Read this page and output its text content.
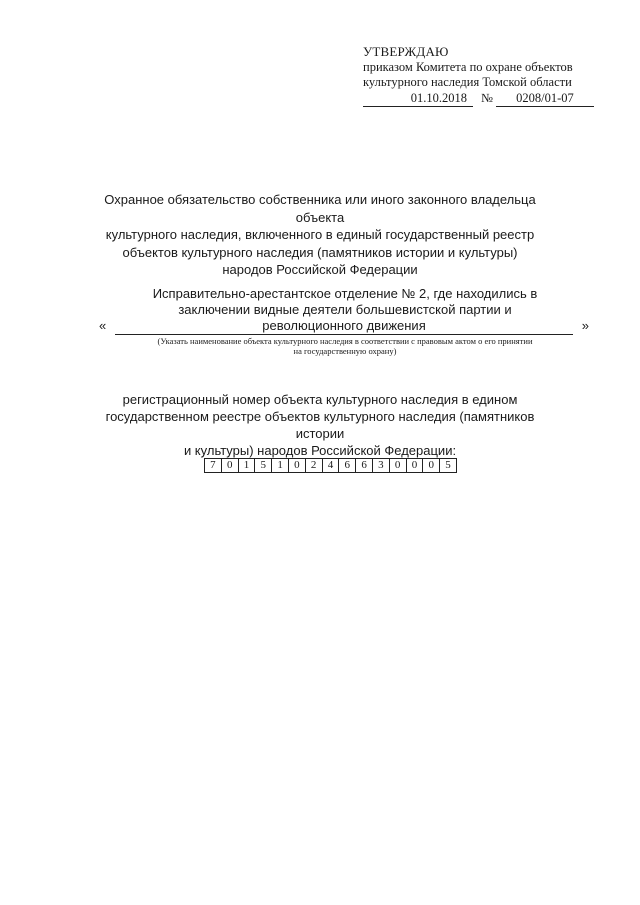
УТВЕРЖДАЮ
приказом Комитета по охране объектов
культурного наследия Томской области
01.10.2018	№	0208/01-07
Охранное обязательство собственника или иного законного владельца объекта
культурного наследия, включенного в единый государственный реестр
объектов культурного наследия (памятников истории и культуры)
народов Российской Федерации
Исправительно-арестантское отделение № 2, где находились в
заключении видные деятели большевистской партии и
«	революционного движения	»
(Указать наименование объекта культурного наследия в соответствии с правовым актом о его принятии
на государственную охрану)
регистрационный номер объекта культурного наследия в едином
государственном реестре объектов культурного наследия (памятников истории
и культуры) народов Российской Федерации:
7	0	1	5	1	0	2	4	6	6	3	0	0	0	5
